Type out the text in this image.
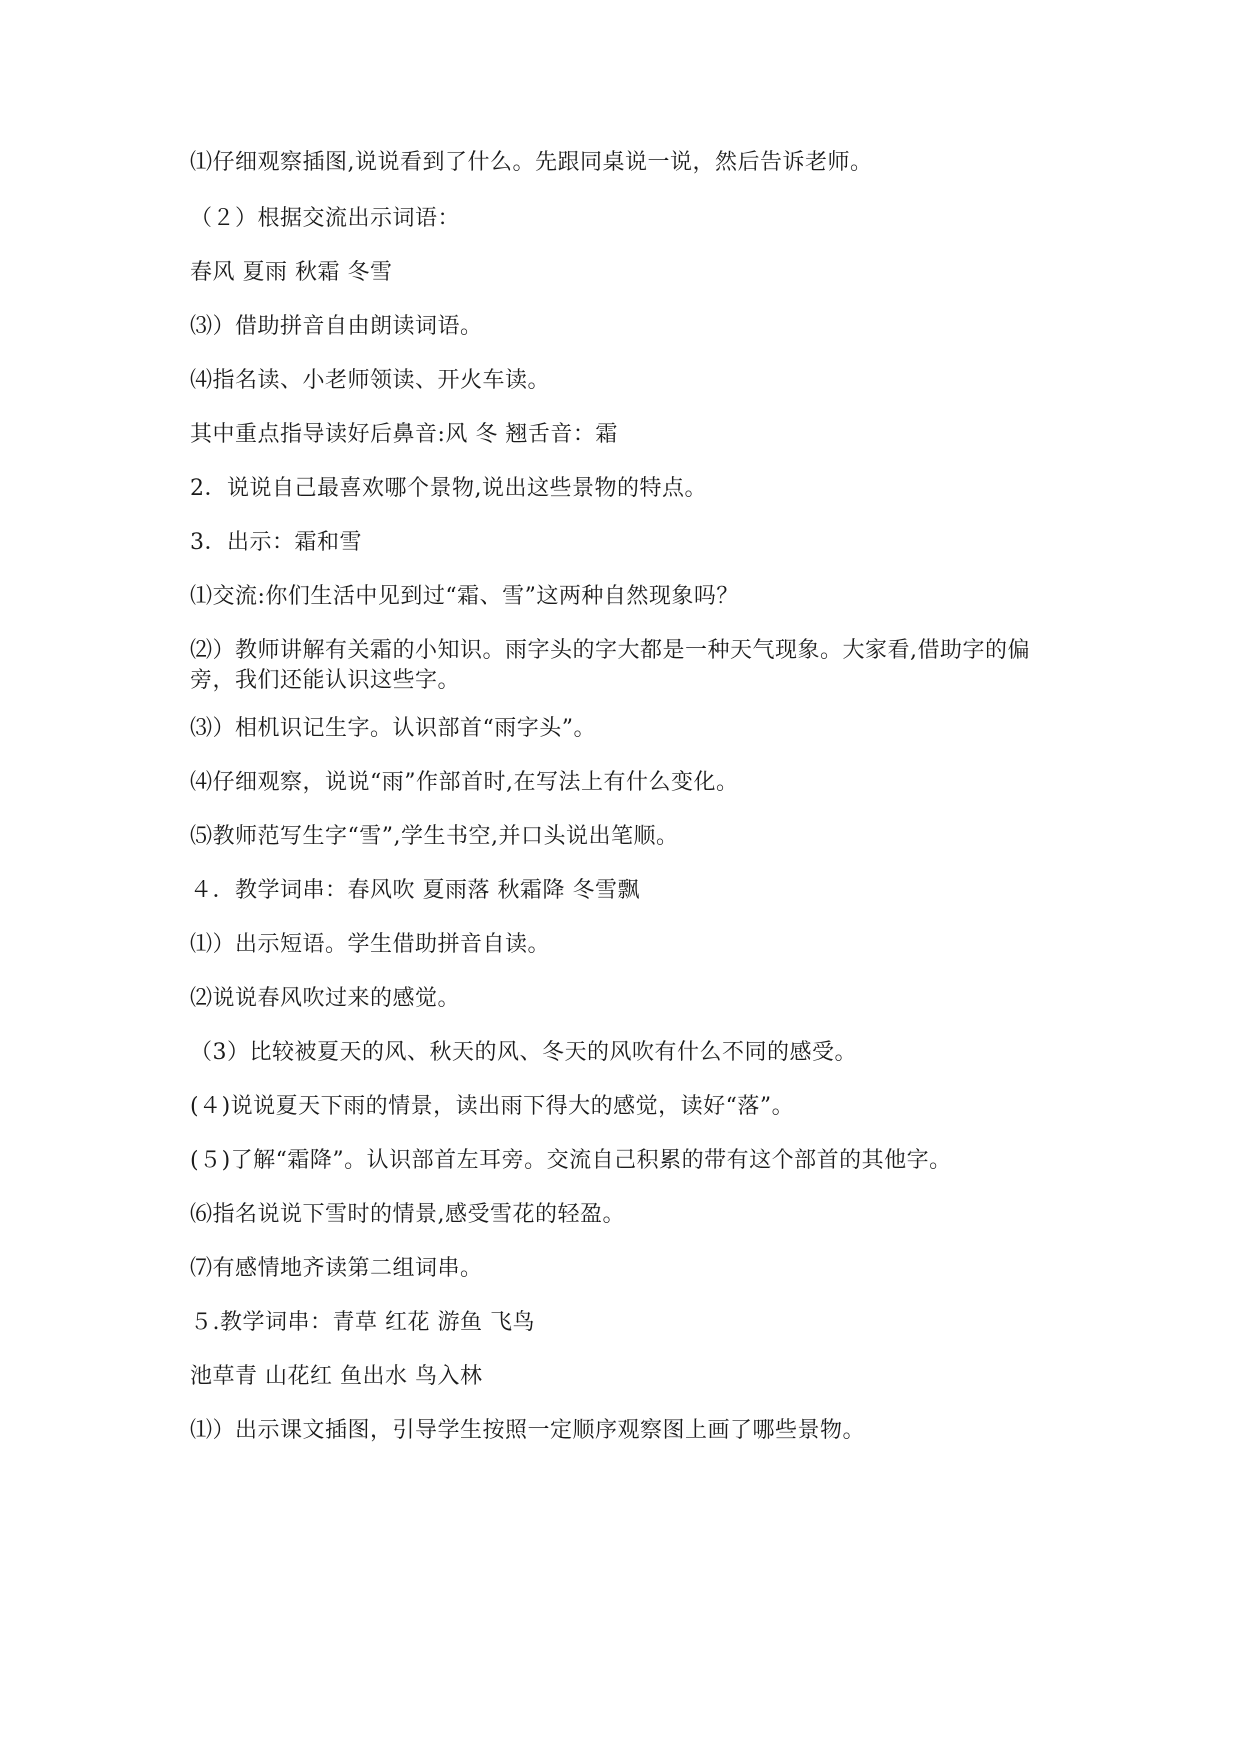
⑴仔细观察插图,说说看到了什么。先跟同桌说一说，然后告诉老师。
（２）根据交流出示词语：
春风 夏雨 秋霜 冬雪
⑶）借助拼音自由朗读词语。
⑷指名读、小老师领读、开火车读。
其中重点指导读好后鼻音:风 冬 翘舌音：霜
2．说说自己最喜欢哪个景物,说出这些景物的特点。
3．出示：霜和雪
⑴交流:你们生活中见到过“霜、雪”这两种自然现象吗？
⑵）教师讲解有关霜的小知识。雨字头的字大都是一种天气现象。大家看,借助字的偏旁，我们还能认识这些字。
⑶）相机识记生字。认识部首“雨字头”。
⑷仔细观察，说说“雨”作部首时,在写法上有什么变化。
⑸教师范写生字“雪”,学生书空,并口头说出笔顺。
４．教学词串：春风吹 夏雨落 秋霜降 冬雪飘
⑴）出示短语。学生借助拼音自读。
⑵说说春风吹过来的感觉。
（3）比较被夏天的风、秋天的风、冬天的风吹有什么不同的感受。
(４)说说夏天下雨的情景，读出雨下得大的感觉，读好“落”。
(５)了解“霜降”。认识部首左耳旁。交流自己积累的带有这个部首的其他字。
⑹指名说说下雪时的情景,感受雪花的轻盈。
⑺有感情地齐读第二组词串。
５.教学词串：青草 红花 游鱼 飞鸟
池草青 山花红 鱼出水 鸟入林
⑴）出示课文插图，引导学生按照一定顺序观察图上画了哪些景物。
